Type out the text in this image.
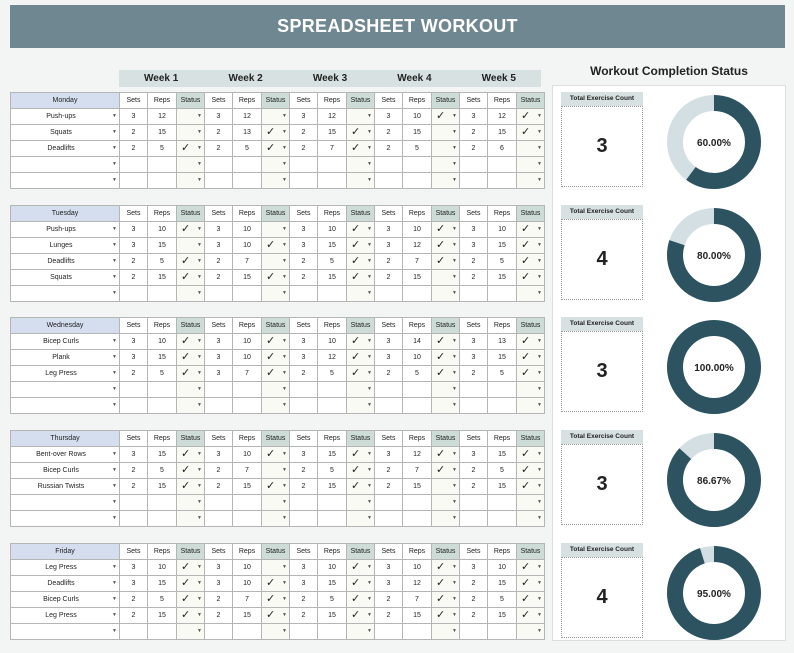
SPREADSHEET WORKOUT
Week 1	Week 2	Week 3	Week 4	Week 5
Monday	Sets	Reps	Status	Sets	Reps	Status	Sets	Reps	Status	Sets	Reps	Status	Sets	Reps	Status
Push-ups ▼	3	12	▼	3	12	▼	3	12	▼	3	10	✓ ▼	3	12	✓ ▼

Squats ▼	2	15	▼	2	13	✓ ▼	2	15	✓ ▼	2	15	▼	2	15	✓ ▼

Deadlifts ▼	2	5	✓ ▼	2	5	✓ ▼	2	7	✓ ▼	2	5	▼	2	6	▼

▼			▼			▼			▼			▼			▼

▼			▼			▼			▼			▼			▼
Tuesday	Sets	Reps	Status	Sets	Reps	Status	Sets	Reps	Status	Sets	Reps	Status	Sets	Reps	Status
Push-ups ▼	3	10	✓ ▼	3	10	▼	3	10	✓ ▼	3	10	✓ ▼	3	10	✓ ▼

Lunges ▼	3	15	▼	3	10	✓ ▼	3	15	✓ ▼	3	12	✓ ▼	3	15	✓ ▼

Deadlifts ▼	2	5	✓ ▼	2	7	▼	2	5	✓ ▼	2	7	✓ ▼	2	5	✓ ▼

Squats ▼	2	15	✓ ▼	2	15	✓ ▼	2	15	✓ ▼	2	15	▼	2	15	✓ ▼

▼			▼			▼			▼			▼			▼
Wednesday	Sets	Reps	Status	Sets	Reps	Status	Sets	Reps	Status	Sets	Reps	Status	Sets	Reps	Status
Bicep Curls ▼	3	10	✓ ▼	3	10	✓ ▼	3	10	✓ ▼	3	14	✓ ▼	3	13	✓ ▼

Plank ▼	3	15	✓ ▼	3	10	✓ ▼	3	12	✓ ▼	3	10	✓ ▼	3	15	✓ ▼

Leg Press ▼	2	5	✓ ▼	3	7	✓ ▼	2	5	✓ ▼	2	5	✓ ▼	2	5	✓ ▼

▼			▼			▼			▼			▼			▼

▼			▼			▼			▼			▼			▼
Thursday	Sets	Reps	Status	Sets	Reps	Status	Sets	Reps	Status	Sets	Reps	Status	Sets	Reps	Status
Bent-over Rows ▼	3	15	✓ ▼	3	10	✓ ▼	3	15	✓ ▼	3	12	✓ ▼	3	15	✓ ▼

Bicep Curls ▼	2	5	✓ ▼	2	7	▼	2	5	✓ ▼	2	7	✓ ▼	2	5	✓ ▼

Russian Twists ▼	2	15	✓ ▼	2	15	✓ ▼	2	15	✓ ▼	2	15	▼	2	15	✓ ▼

▼			▼			▼			▼			▼			▼

▼			▼			▼			▼			▼			▼
Friday	Sets	Reps	Status	Sets	Reps	Status	Sets	Reps	Status	Sets	Reps	Status	Sets	Reps	Status
Leg Press ▼	3	10	✓ ▼	3	10	▼	3	10	✓ ▼	3	10	✓ ▼	3	10	✓ ▼

Deadlifts ▼	3	15	✓ ▼	3	10	✓ ▼	3	15	✓ ▼	3	12	✓ ▼	2	15	✓ ▼

Bicep Curls ▼	2	5	✓ ▼	2	7	✓ ▼	2	5	✓ ▼	2	7	✓ ▼	2	5	✓ ▼

Leg Press ▼	2	15	✓ ▼	2	15	✓ ▼	2	15	✓ ▼	2	15	✓ ▼	2	15	✓ ▼

▼			▼			▼			▼			▼			▼
Workout Completion Status
Total Exercise Count
3	60.00%
Total Exercise Count
4	80.00%
Total Exercise Count
3	100.00%
Total Exercise Count
3	86.67%
Total Exercise Count
4	95.00%
